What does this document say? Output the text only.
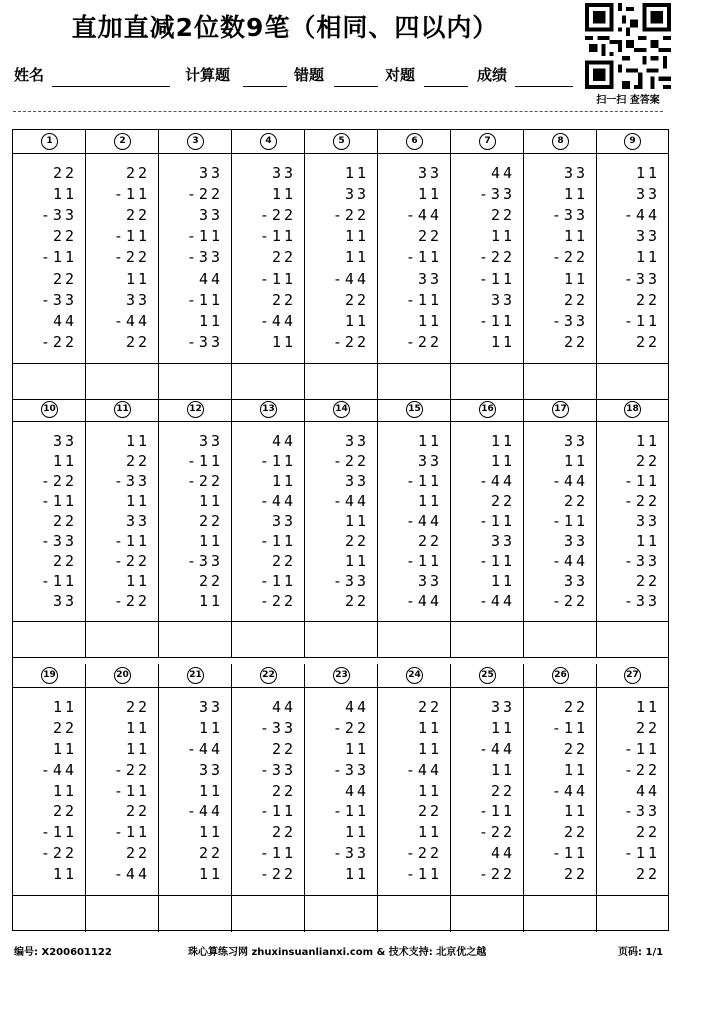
直加直减2位数9笔（相同、四以内）
扫一扫 查答案
姓名	计算题	错题	对题	成绩
1
22
11
-33
22
-11
22
-33
44
-22
2
22
-11
22
-11
-22
11
33
-44
22
3
33
-22
33
-11
-33
44
-11
11
-33
4
33
11
-22
-11
22
-11
22
-44
11
5
11
33
-22
11
11
-44
22
11
-22
6
33
11
-44
22
-11
33
-11
11
-22
7
44
-33
22
11
-22
-11
33
-11
11
8
33
11
-33
11
-22
11
22
-33
22
9
11
33
-44
33
11
-33
22
-11
22
10
33
11
-22
-11
22
-33
22
-11
33
11
11
22
-33
11
33
-11
-22
11
-22
12
33
-11
-22
11
22
11
-33
22
11
13
44
-11
11
-44
33
-11
22
-11
-22
14
33
-22
33
-44
11
22
11
-33
22
15
11
33
-11
11
-44
22
-11
33
-44
16
11
11
-44
22
-11
33
-11
11
-44
17
33
11
-44
22
-11
33
-44
33
-22
18
11
22
-11
-22
33
11
-33
22
-33
19
11
22
11
-44
11
22
-11
-22
11
20
22
11
11
-22
-11
22
-11
22
-44
21
33
11
-44
33
11
-44
11
22
11
22
44
-33
22
-33
22
-11
22
-11
-22
23
44
-22
11
-33
44
-11
11
-33
11
24
22
11
11
-44
11
22
11
-22
-11
25
33
11
-44
11
22
-11
-22
44
-22
26
22
-11
22
11
-44
11
22
-11
22
27
11
22
-11
-22
44
-33
22
-11
22
编号: X200601122	珠心算练习网 zhuxinsuanlianxi.com & 技术支持: 北京优之越	页码: 1/1
